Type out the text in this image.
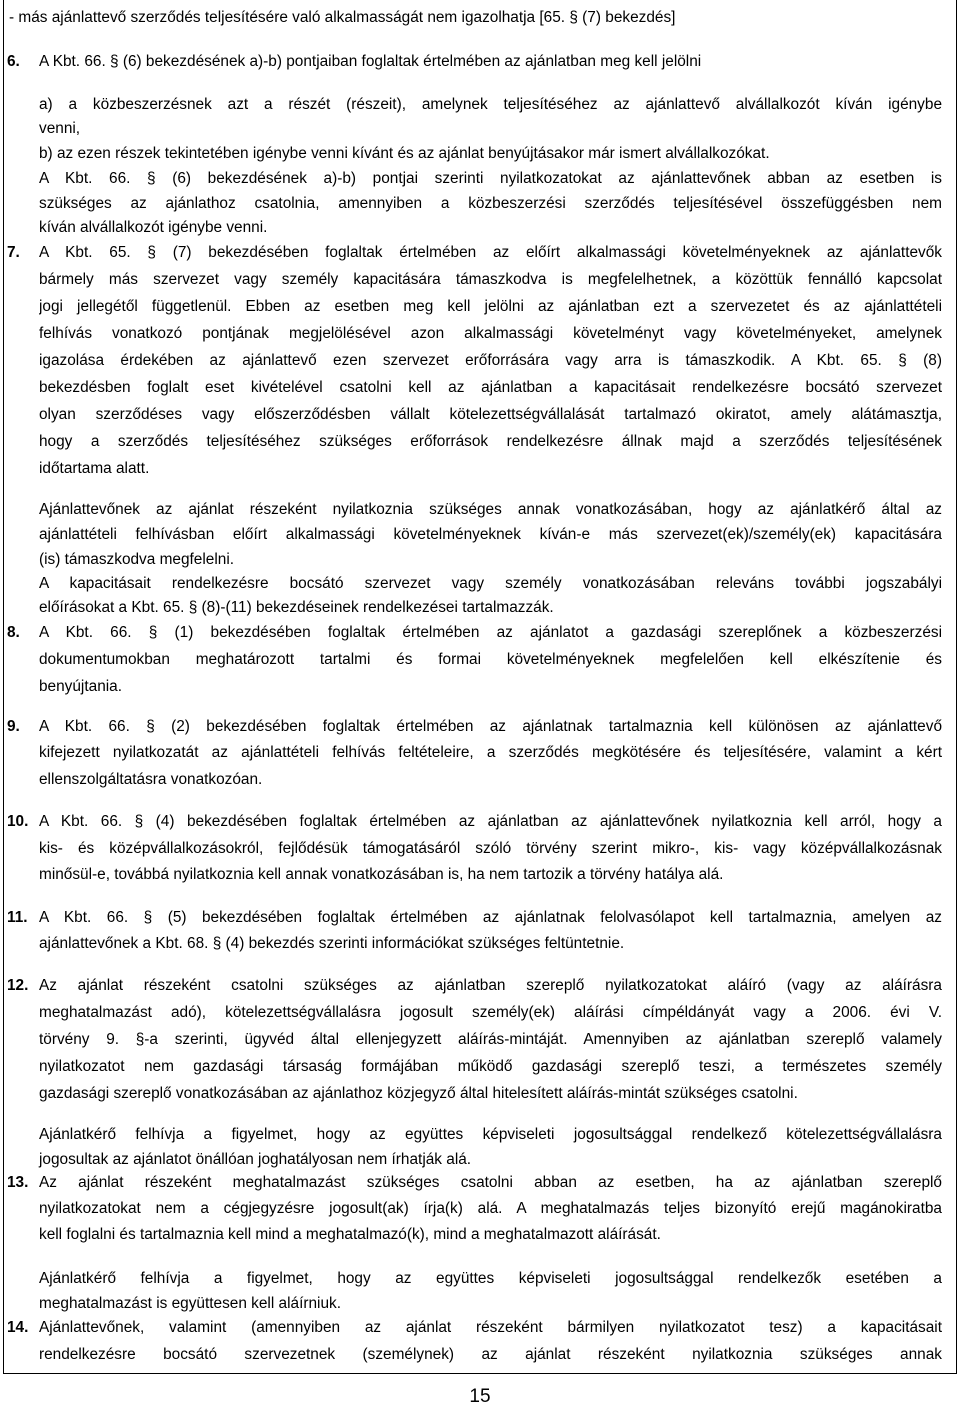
- más ajánlattevő szerződés teljesítésére való alkalmasságát nem igazolhatja [65. § (7) bekezdés]
A Kbt. 66. § (6) bekezdésének a)-b) pontjaiban foglaltak értelmében az ajánlatban meg kell jelölni
a) a közbeszerzésnek azt a részét (részeit), amelynek teljesítéséhez az ajánlattevő alvállalkozót kíván igénybe
venni,
b) az ezen részek tekintetében igénybe venni kívánt és az ajánlat benyújtásakor már ismert alvállalkozókat.
A Kbt. 66. § (6) bekezdésének a)-b) pontjai szerinti nyilatkozatokat az ajánlattevőnek abban az esetben is
szükséges az ajánlathoz csatolnia, amennyiben a közbeszerzési szerződés teljesítésével összefüggésben nem
kíván alvállalkozót igénybe venni.
A Kbt. 65. § (7) bekezdésében foglaltak értelmében az előírt alkalmassági követelményeknek az ajánlattevők
bármely más szervezet vagy személy kapacitására támaszkodva is megfelelhetnek, a közöttük fennálló kapcsolat
jogi jellegétől függetlenül. Ebben az esetben meg kell jelölni az ajánlatban ezt a szervezetet és az ajánlattételi
felhívás vonatkozó pontjának megjelölésével azon alkalmassági követelményt vagy követelményeket, amelynek
igazolása érdekében az ajánlattevő ezen szervezet erőforrására vagy arra is támaszkodik. A Kbt. 65. § (8)
bekezdésben foglalt eset kivételével csatolni kell az ajánlatban a kapacitásait rendelkezésre bocsátó szervezet
olyan szerződéses vagy előszerződésben vállalt kötelezettségvállalását tartalmazó okiratot, amely alátámasztja,
hogy a szerződés teljesítéséhez szükséges erőforrások rendelkezésre állnak majd a szerződés teljesítésének
időtartama alatt.
Ajánlattevőnek az ajánlat részeként nyilatkoznia szükséges annak vonatkozásában, hogy az ajánlatkérő által az
ajánlattételi felhívásban előírt alkalmassági követelményeknek kíván-e más szervezet(ek)/személy(ek) kapacitására
(is) támaszkodva megfelelni.
A kapacitásait rendelkezésre bocsátó szervezet vagy személy vonatkozásában releváns további jogszabályi
előírásokat a Kbt. 65. § (8)-(11) bekezdéseinek rendelkezései tartalmazzák.
A Kbt. 66. § (1) bekezdésében foglaltak értelmében az ajánlatot a gazdasági szereplőnek a közbeszerzési
dokumentumokban meghatározott tartalmi és formai követelményeknek megfelelően kell elkészítenie és
benyújtania.
A Kbt. 66. § (2) bekezdésében foglaltak értelmében az ajánlatnak tartalmaznia kell különösen az ajánlattevő
kifejezett nyilatkozatát az ajánlattételi felhívás feltételeire, a szerződés megkötésére és teljesítésére, valamint a kért
ellenszolgáltatásra vonatkozóan.
A Kbt. 66. § (4) bekezdésében foglaltak értelmében az ajánlatban az ajánlattevőnek nyilatkoznia kell arról, hogy a
kis- és középvállalkozásokról, fejlődésük támogatásáról szóló törvény szerint mikro-, kis- vagy középvállalkozásnak
minősül-e, továbbá nyilatkoznia kell annak vonatkozásában is, ha nem tartozik a törvény hatálya alá.
A Kbt. 66. § (5) bekezdésében foglaltak értelmében az ajánlatnak felolvasólapot kell tartalmaznia, amelyen az
ajánlattevőnek a Kbt. 68. § (4) bekezdés szerinti információkat szükséges feltüntetnie.
Az ajánlat részeként csatolni szükséges az ajánlatban szereplő nyilatkozatokat aláíró (vagy az aláírásra
meghatalmazást adó), kötelezettségvállalásra jogosult személy(ek) aláírási címpéldányát vagy a 2006. évi V.
törvény 9. §-a szerinti, ügyvéd által ellenjegyzett aláírás-mintáját. Amennyiben az ajánlatban szereplő valamely
nyilatkozatot nem gazdasági társaság formájában működő gazdasági szereplő teszi, a természetes személy
gazdasági szereplő vonatkozásában az ajánlathoz közjegyző által hitelesített aláírás-mintát szükséges csatolni.
Ajánlatkérő felhívja a figyelmet, hogy az együttes képviseleti jogosultsággal rendelkező kötelezettségvállalásra
jogosultak az ajánlatot önállóan joghatályosan nem írhatják alá.
Az ajánlat részeként meghatalmazást szükséges csatolni abban az esetben, ha az ajánlatban szereplő
nyilatkozatokat nem a cégjegyzésre jogosult(ak) írja(k) alá. A meghatalmazás teljes bizonyító erejű magánokiratba
kell foglalni és tartalmaznia kell mind a meghatalmazó(k), mind a meghatalmazott aláírását.
Ajánlatkérő felhívja a figyelmet, hogy az együttes képviseleti jogosultsággal rendelkezők esetében a
meghatalmazást is együttesen kell aláírniuk.
Ajánlattevőnek, valamint (amennyiben az ajánlat részeként bármilyen nyilatkozatot tesz) a kapacitásait
rendelkezésre bocsátó szervezetnek (személynek) az ajánlat részeként nyilatkoznia szükséges annak
6.
7.
8.
9.
10.
11.
12.
13.
14.
15
